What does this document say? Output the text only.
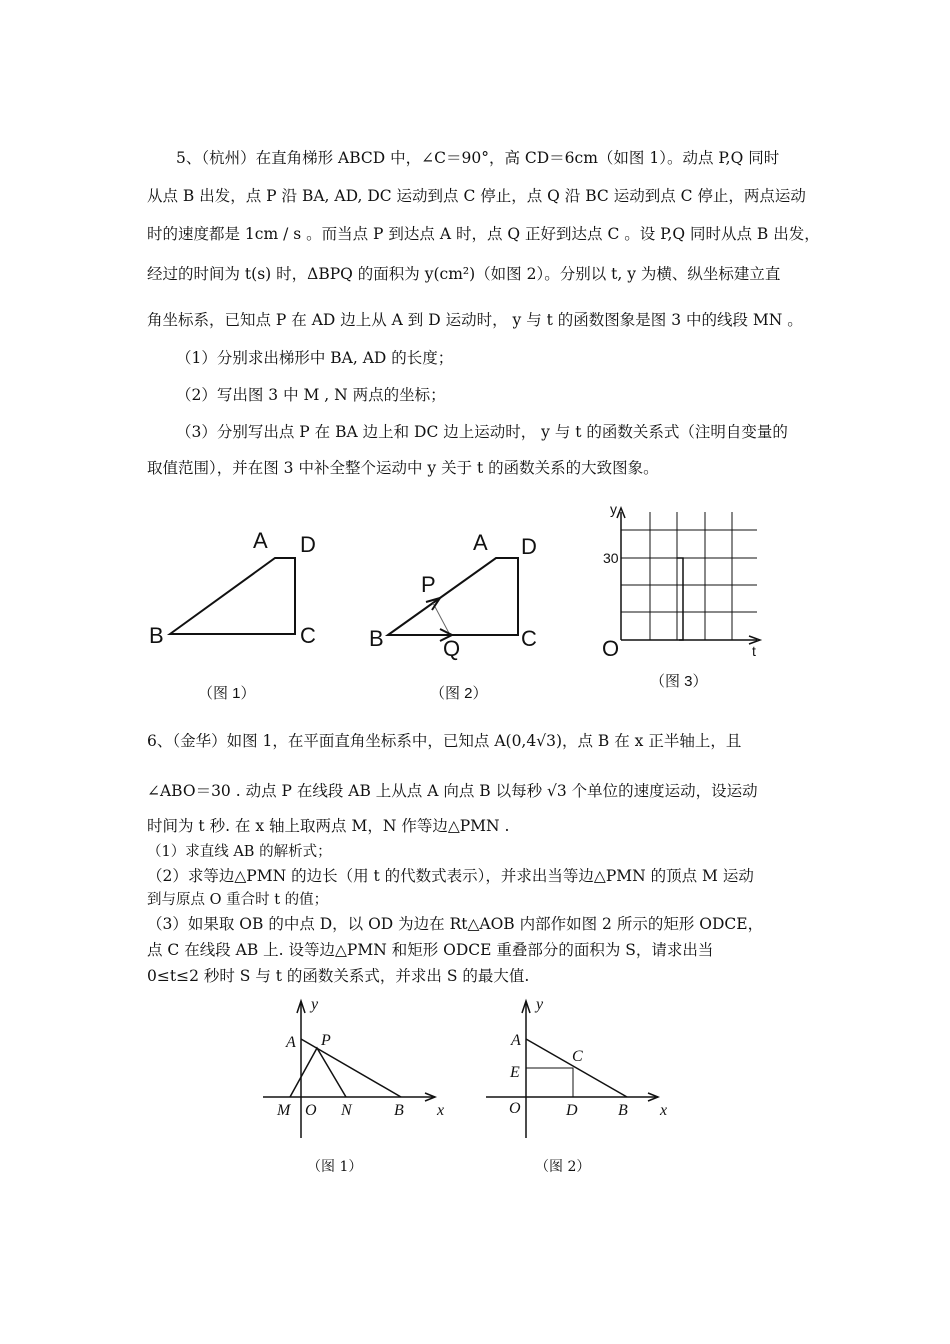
5、（杭州）在直角梯形 ABCD 中，∠C＝90°，高 CD＝6cm（如图 1）。动点 P,Q 同时
从点 B 出发，点 P 沿 BA, AD, DC 运动到点 C 停止，点 Q 沿 BC 运动到点 C 停止，两点运动
时的速度都是 1cm / s 。而当点 P 到达点 A 时，点 Q 正好到达点 C 。设 P,Q 同时从点 B 出发，
经过的时间为 t(s) 时，ΔBPQ 的面积为 y(cm²)（如图 2）。分别以 t, y 为横、纵坐标建立直
角坐标系，已知点 P 在 AD 边上从 A 到 D 运动时， y 与 t 的函数图象是图 3 中的线段 MN 。
（1）分别求出梯形中 BA, AD 的长度；
（2）写出图 3 中 M , N 两点的坐标；
（3）分别写出点 P 在 BA 边上和 DC 边上运动时， y 与 t 的函数关系式（注明自变量的
取值范围），并在图 3 中补全整个运动中 y 关于 t 的函数关系的大致图象。
A D
B	C
（图 1）
A D
P
B	Q	C
（图 2）
y
30
O	t
（图 3）
6、（金华）如图 1，在平面直角坐标系中，已知点 A(0,4√3)，点 B 在 x 正半轴上，且
∠ABO＝30 . 动点 P 在线段 AB 上从点 A 向点 B 以每秒 √3 个单位的速度运动，设运动
时间为 t 秒. 在 x 轴上取两点 M，N 作等边△PMN .
（1）求直线 AB 的解析式；
（2）求等边△PMN 的边长（用 t 的代数式表示），并求出当等边△PMN 的顶点 M 运动
到与原点 O 重合时 t 的值；
（3）如果取 OB 的中点 D，以 OD 为边在 Rt△AOB 内部作如图 2 所示的矩形 ODCE，
点 C 在线段 AB 上. 设等边△PMN 和矩形 ODCE 重叠部分的面积为 S，请求出当
0≤t≤2 秒时 S 与 t 的函数关系式，并求出 S 的最大值.
y
A P
M O N	B x
（图 1）
y
A
C
E
O	D	B x
（图 2）
